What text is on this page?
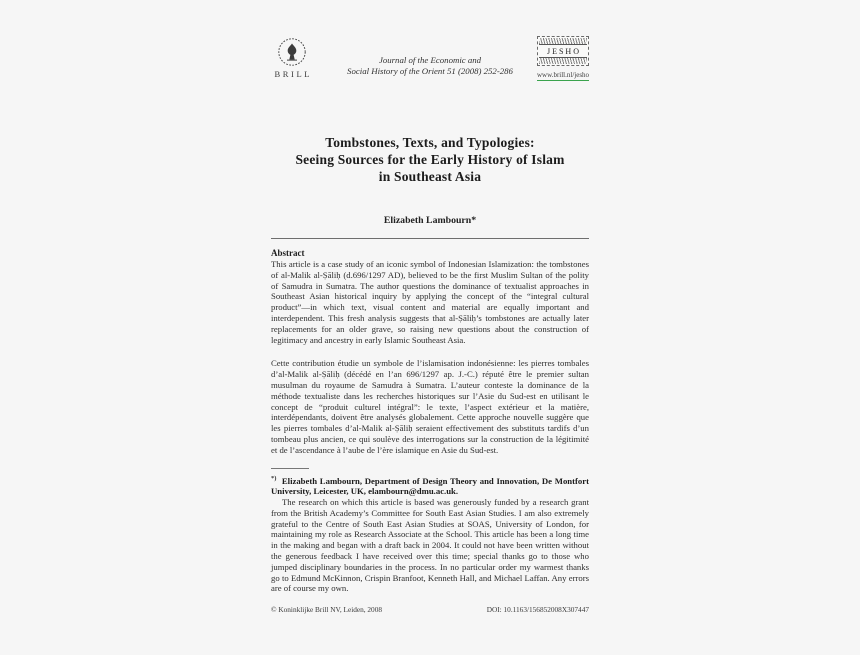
BRILL
Journal of the Economic and
Social History of the Orient 51 (2008) 252-286
JESHO
www.brill.nl/jesho
Tombstones, Texts, and Typologies:
Seeing Sources for the Early History of Islam
in Southeast Asia
Elizabeth Lambourn*
Abstract

This article is a case study of an iconic symbol of Indonesian Islamization: the tombstones of al-Malik al-Ṣāliḥ (d.696/1297 AD), believed to be the first Muslim Sultan of the polity of Samudra in Sumatra. The author questions the dominance of textualist approaches in Southeast Asian historical inquiry by applying the concept of the “integral cultural product”—in which text, visual content and material are equally important and interdependent. This fresh analysis suggests that al-Ṣāliḥ’s tombstones are actually later replacements for an older grave, so raising new questions about the construction of legitimacy and ancestry in early Islamic Southeast Asia.

Cette contribution étudie un symbole de l’islamisation indonésienne: les pierres tombales d’al-Malik al-Ṣāliḥ (décédé en l’an 696/1297 ap. J.-C.) réputé être le premier sultan musulman du royaume de Samudra à Sumatra. L’auteur conteste la dominance de la méthode textualiste dans les recherches historiques sur l’Asie du Sud-est en utilisant le concept de “produit culturel intégral”: le texte, l’aspect extérieur et la matière, interdépendants, doivent être analysés globalement. Cette approche nouvelle suggère que les pierres tombales d’al-Malik al-Ṣāliḥ seraient effectivement des substituts tardifs d’un tombeau plus ancien, ce qui soulève des interrogations sur la construction de la légitimité et de l’ascendance à l’aube de l’ère islamique en Asie du Sud-est.

*) Elizabeth Lambourn, Department of Design Theory and Innovation, De Montfort University, Leicester, UK, elambourn@dmu.ac.uk.

The research on which this article is based was generously funded by a research grant from the British Academy’s Committee for South East Asian Studies. I am also extremely grateful to the Centre of South East Asian Studies at SOAS, University of London, for maintaining my role as Research Associate at the School. This article has been a long time in the making and began with a draft back in 2004. It could not have been written without the generous feedback I have received over this time; special thanks go to those who jumped disciplinary boundaries in the process. In no particular order my warmest thanks go to Edmund McKinnon, Crispin Branfoot, Kenneth Hall, and Michael Laffan. Any errors are of course my own.

© Koninklijke Brill NV, Leiden, 2008	DOI: 10.1163/156852008X307447
